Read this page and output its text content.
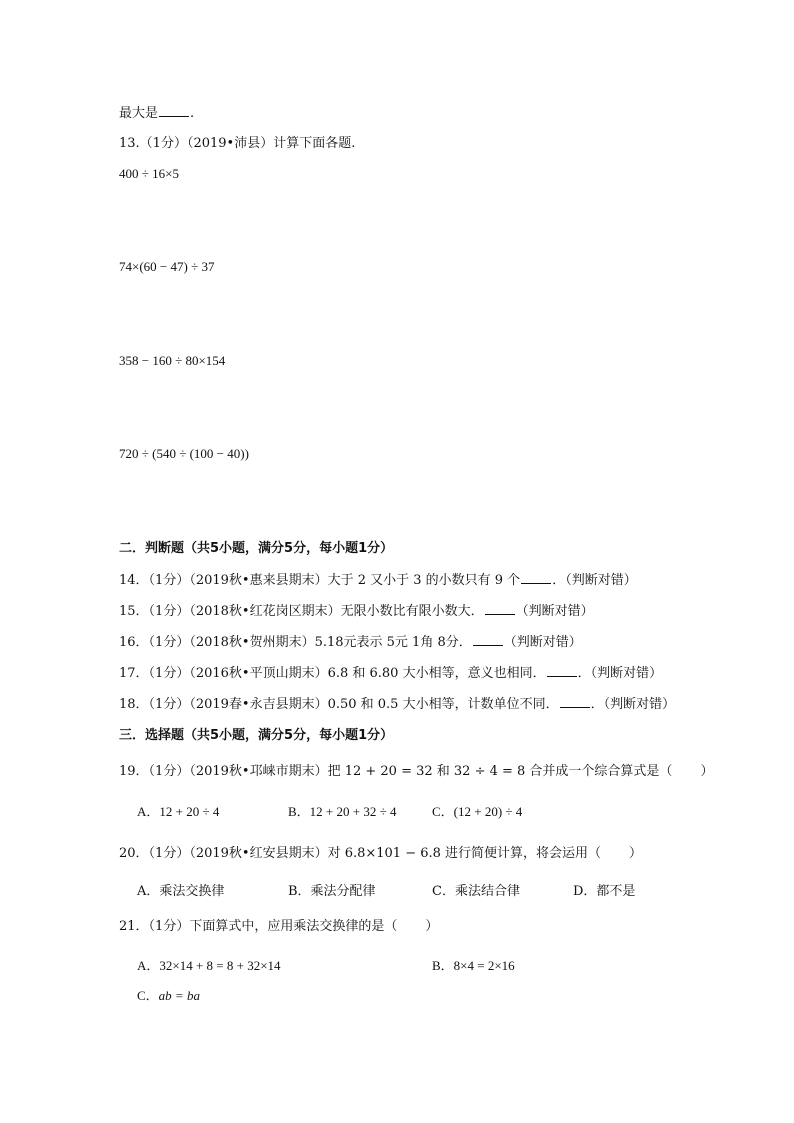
最大是 .
13.（1分）（2019•沛县）计算下面各题.
400 ÷ 16×5
74×(60 − 47) ÷ 37
358 − 160 ÷ 80×154
720 ÷ (540 ÷ (100 − 40))
二．判断题（共5小题，满分5分，每小题1分）
14．（1分）（2019秋•惠来县期末）大于 2 又小于 3 的小数只有 9 个 ．（判断对错）
15．（1分）（2018秋•红花岗区期末）无限小数比有限小数大． （判断对错）
16．（1分）（2018秋•贺州期末）5.18元表示 5元 1角 8分． （判断对错）
17．（1分）（2016秋•平顶山期末）6.8 和 6.80 大小相等，意义也相同． ．（判断对错）
18．（1分）（2019春•永吉县期末）0.50 和 0.5 大小相等，计数单位不同． ．（判断对错）
三．选择题（共5小题，满分5分，每小题1分）
19．（1分）（2019秋•邛崃市期末）把 12 + 20 = 32 和 32 ÷ 4 = 8 合并成一个综合算式是（ ）
A．12 + 20 ÷ 4	B．12 + 20 + 32 ÷ 4	C．(12 + 20) ÷ 4
20．（1分）（2019秋•红安县期末）对 6.8×101 − 6.8 进行简便计算，将会运用（ ）
A．乘法交换律	B．乘法分配律	C．乘法结合律	D．都不是
21．（1分）下面算式中，应用乘法交换律的是（ ）
A．32×14 + 8 = 8 + 32×14	B．8×4 = 2×16
C．ab = ba
